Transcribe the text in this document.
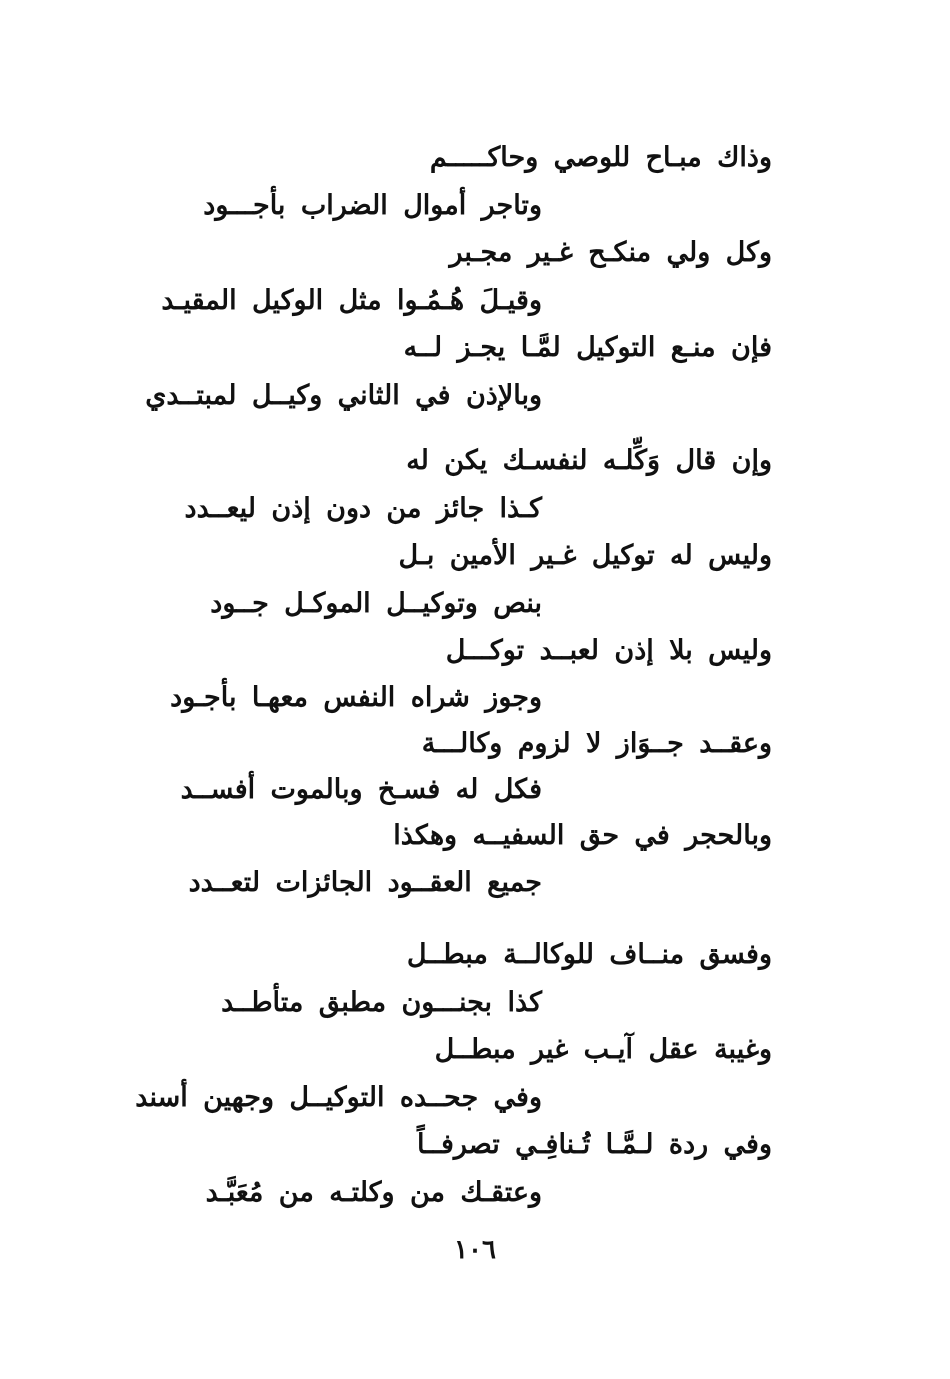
وذاك مبـاح للوصي وحاكـــــم
وتاجر أموال الضراب بأجـــود
وكل ولي منكـح غـير مجـبر
وقيـلَ هُـمُـوا مثل الوكيل المقيـد
فإن منـع التوكيل لمَّـا يجـز لــه
وبالإذن في الثاني وكيــل لمبتــدي
وإن قال وَكِّلـه لنفسـك يكن له
كـذا جائز من دون إذن ليعــدد
وليس له توكيل غـير الأمين بـل
بنص وتوكيــل الموكـل جــود
وليس بلا إذن لعبــد توكـــل
وجوز شراه النفس معهـا بأجـود
وعقــد جــوَاز لا لزوم وكالـــة
فكل له فسـخ وبالموت أفســد
وبالحجر في حق السفيــه وهكذا
جميع العقــود الجائزات لتعــدد
وفسق منــاف للوكالــة مبطــل
كذا بجنـــون مطبق متأطــد
وغيبة عقل آيـب غير مبطــل
وفي جحــده التوكيــل وجهين أسند
وفي ردة لـمَّـا تُـنافِـي تصرفــاً
وعتقـك من وكلتـه من مُعَبَّـد
١٠٦
